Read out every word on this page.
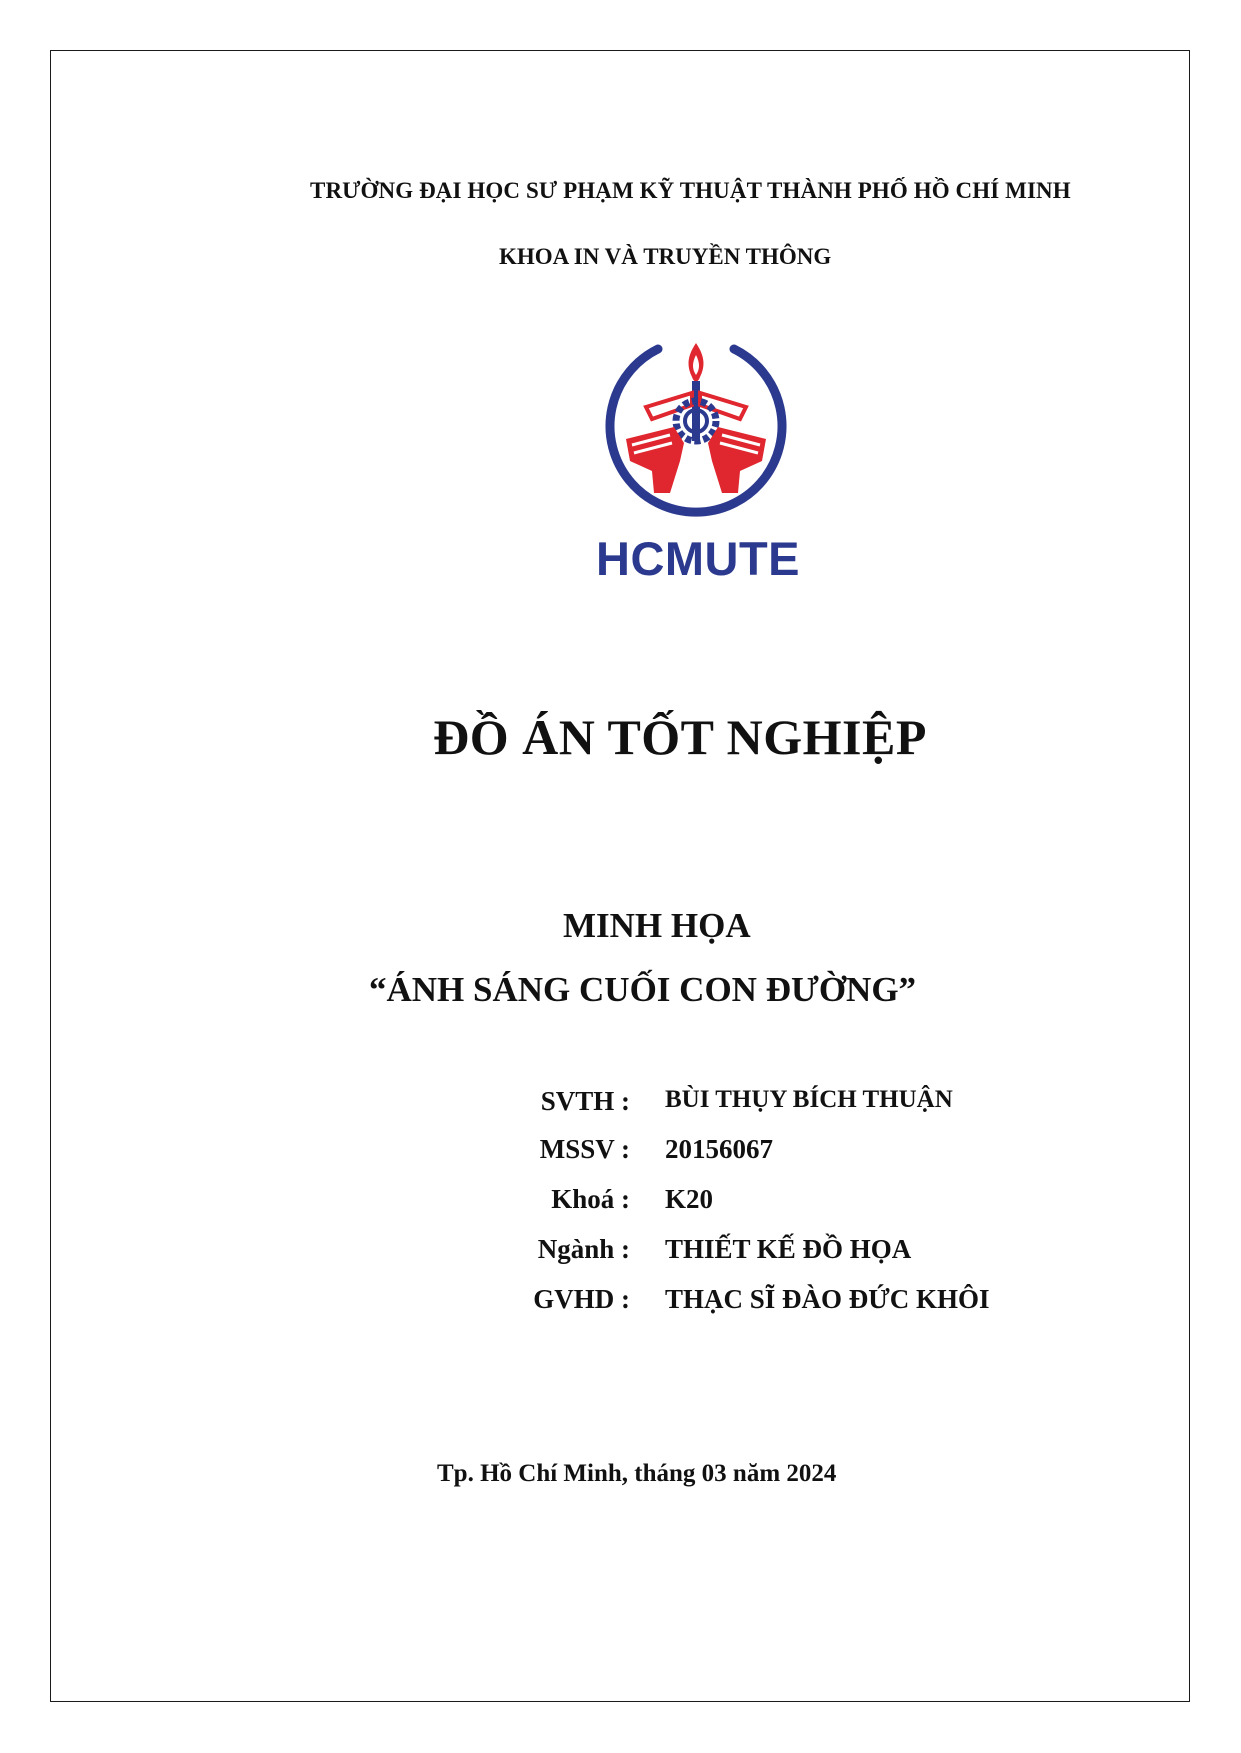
TRƯỜNG ĐẠI HỌC SƯ PHẠM KỸ THUẬT THÀNH PHỐ HỒ CHÍ MINH
KHOA IN VÀ TRUYỀN THÔNG
HCMUTE
ĐỒ ÁN TỐT NGHIỆP
MINH HỌA
“ÁNH SÁNG CUỐI CON ĐƯỜNG”
SVTH : BÙI THỤY BÍCH THUẬN
MSSV : 20156067
Khoá : K20
Ngành : THIẾT KẾ ĐỒ HỌA
GVHD : THẠC SĨ ĐÀO ĐỨC KHÔI
Tp. Hồ Chí Minh, tháng 03 năm 2024
